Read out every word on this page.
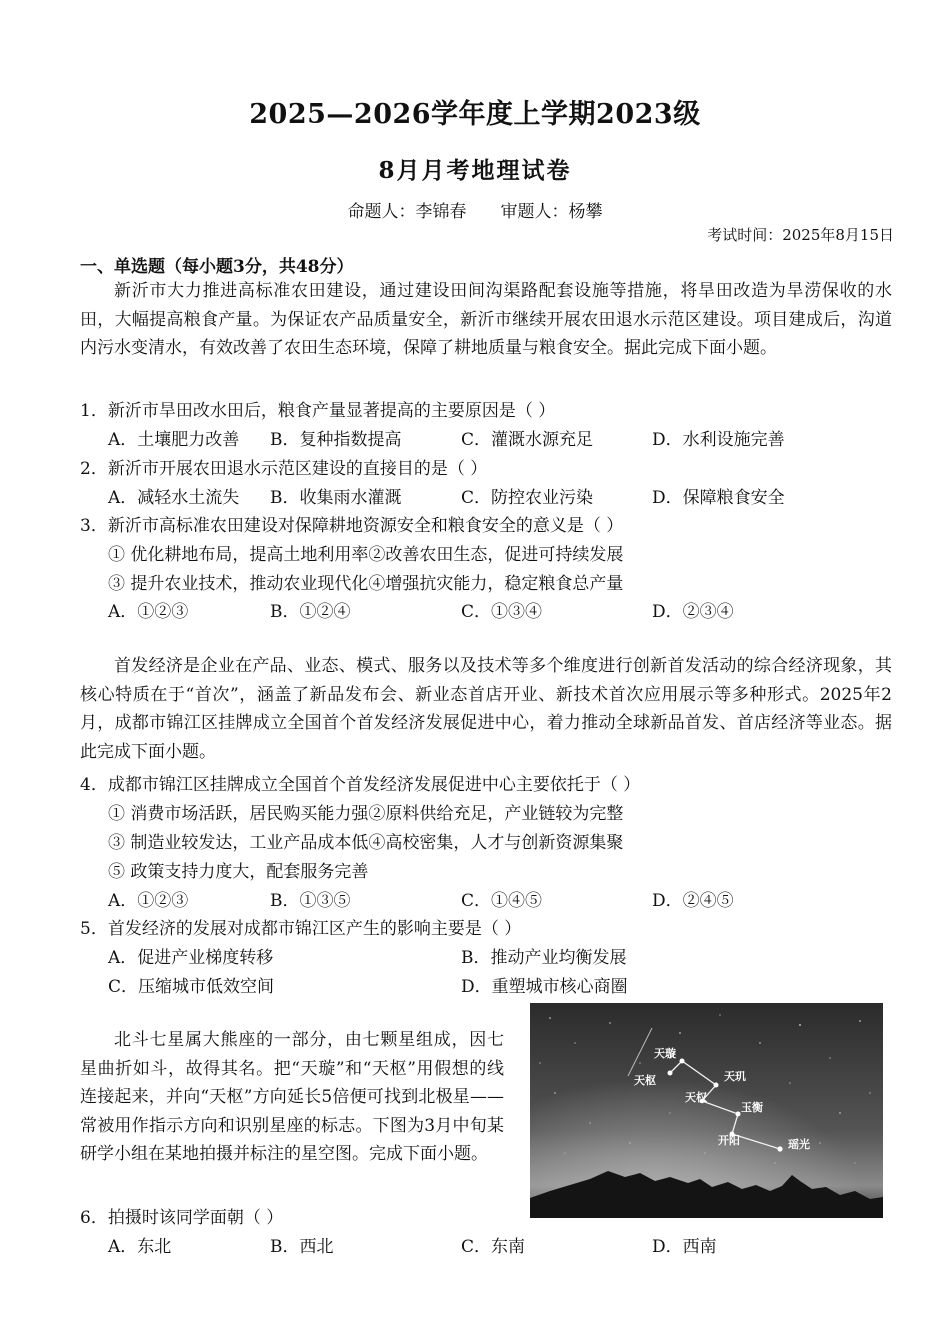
2025—2026学年度上学期2023级
8月月考地理试卷
命题人：李锦春 审题人：杨攀
考试时间：2025年8月15日
一、单选题（每小题3分，共48分）
新沂市大力推进高标准农田建设，通过建设田间沟渠路配套设施等措施，将旱田改造为旱涝保收的水田，大幅提高粮食产量。为保证农产品质量安全，新沂市继续开展农田退水示范区建设。项目建成后，沟道内污水变清水，有效改善了农田生态环境，保障了耕地质量与粮食安全。据此完成下面小题。
1．新沂市旱田改水田后，粮食产量显著提高的主要原因是（ ）
A．土壤肥力改善 B．复种指数提高	C．灌溉水源充足	D．水利设施完善
2．新沂市开展农田退水示范区建设的直接目的是（ ）
A．减轻水土流失 B．收集雨水灌溉	C．防控农业污染	D．保障粮食安全
3．新沂市高标准农田建设对保障耕地资源安全和粮食安全的意义是（ ）
① 优化耕地布局，提高土地利用率②改善农田生态，促进可持续发展
③ 提升农业技术，推动农业现代化④增强抗灾能力，稳定粮食总产量
A．①②③	B．①②④	C．①③④	D．②③④
首发经济是企业在产品、业态、模式、服务以及技术等多个维度进行创新首发活动的综合经济现象，其核心特质在于“首次”，涵盖了新品发布会、新业态首店开业、新技术首次应用展示等多种形式。2025年2月，成都市锦江区挂牌成立全国首个首发经济发展促进中心，着力推动全球新品首发、首店经济等业态。据此完成下面小题。
4．成都市锦江区挂牌成立全国首个首发经济发展促进中心主要依托于（ ）
① 消费市场活跃，居民购买能力强②原料供给充足，产业链较为完整
③ 制造业较发达，工业产品成本低④高校密集，人才与创新资源集聚
⑤ 政策支持力度大，配套服务完善
A．①②③	B．①③⑤	C．①④⑤	D．②④⑤
5．首发经济的发展对成都市锦江区产生的影响主要是（ ）
A．促进产业梯度转移	B．推动产业均衡发展
C．压缩城市低效空间	D．重塑城市核心商圈
北斗七星属大熊座的一部分，由七颗星组成，因七星曲折如斗，故得其名。把“天璇”和“天枢”用假想的线连接起来，并向“天枢”方向延长5倍便可找到北极星——常被用作指示方向和识别星座的标志。下图为3月中旬某研学小组在某地拍摄并标注的星空图。完成下面小题。
天璇
天枢	天玑
天权
玉衡
开阳	瑶光
6．拍摄时该同学面朝（ ）
A．东北	B．西北	C．东南	D．西南
